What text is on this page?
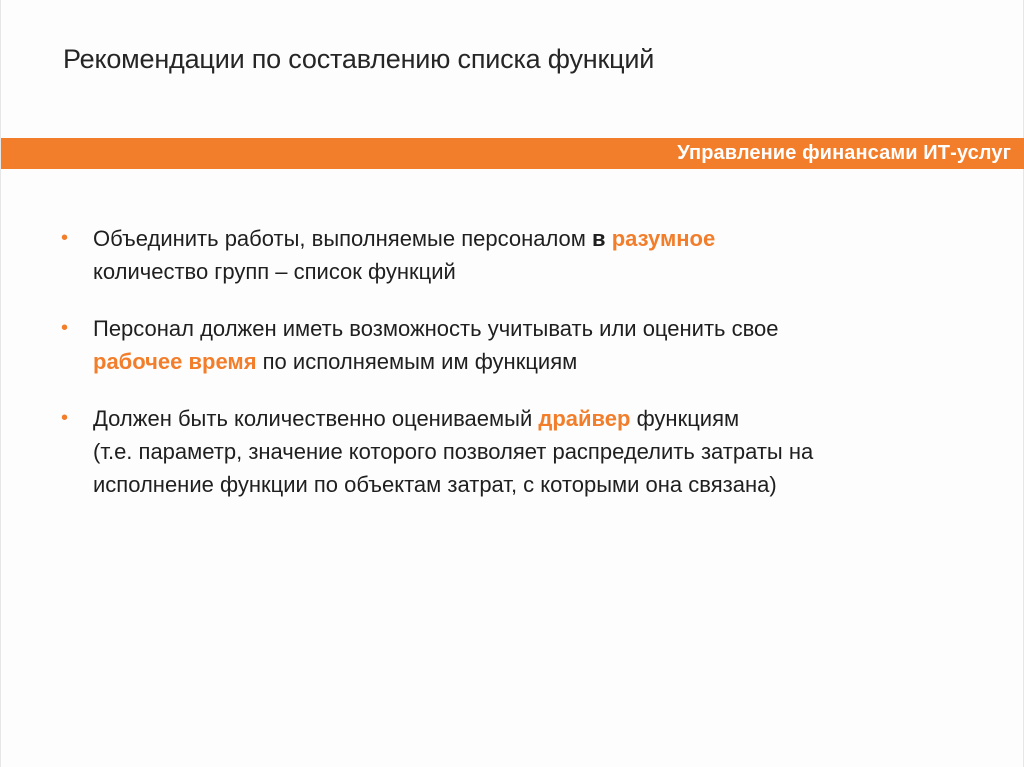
Рекомендации по составлению списка функций
Управление финансами ИТ-услуг
• Объединить работы, выполняемые персоналом в разумное
количество групп – список функций
• Персонал должен иметь возможность учитывать или оценить свое
рабочее время по исполняемым им функциям
• Должен быть количественно оцениваемый драйвер функциям
(т.е. параметр, значение которого позволяет распределить затраты на
исполнение функции по объектам затрат, с которыми она связана)
